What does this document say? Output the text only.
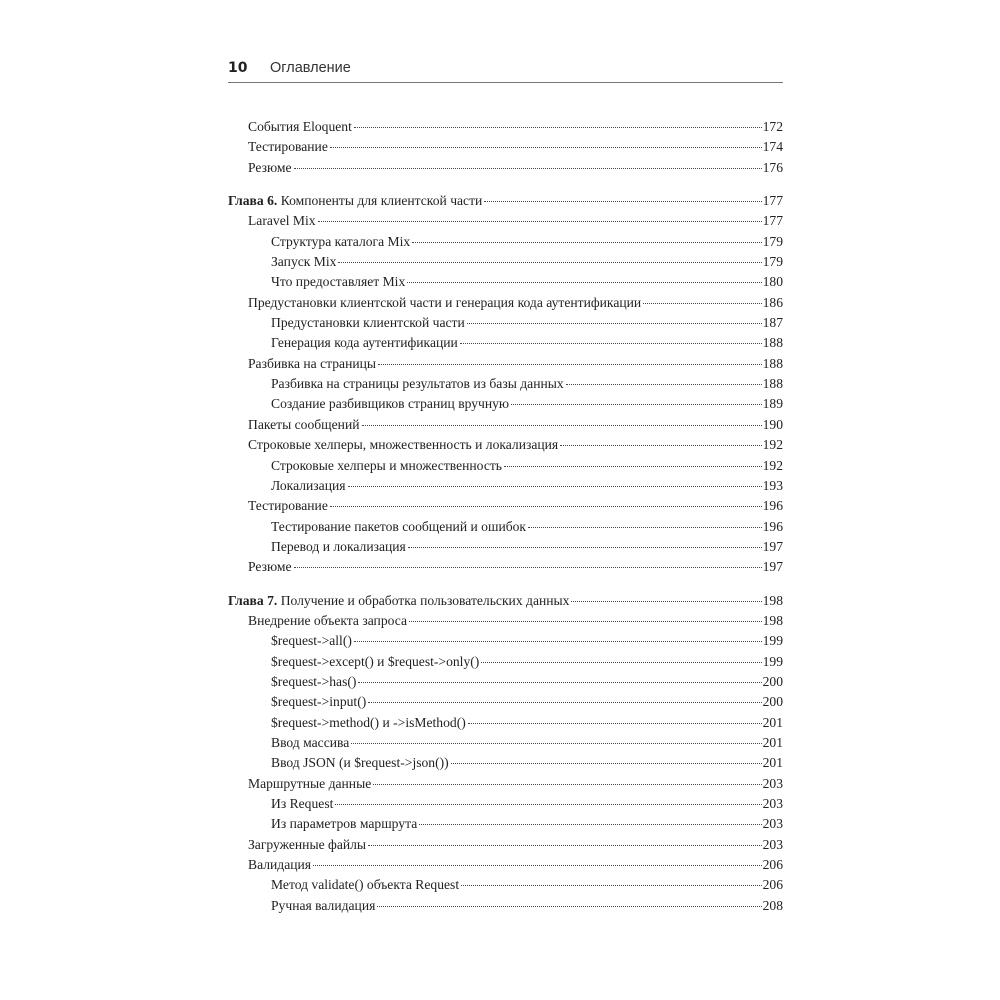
10 Оглавление
События Eloquent	172
Тестирование	174
Резюме	176
Глава 6. Компоненты для клиентской части	177
Laravel Mix	177
Структура каталога Mix	179
Запуск Mix	179
Что предоставляет Mix	180
Предустановки клиентской части и генерация кода аутентификации	186
Предустановки клиентской части	187
Генерация кода аутентификации	188
Разбивка на страницы	188
Разбивка на страницы результатов из базы данных	188
Создание разбивщиков страниц вручную	189
Пакеты сообщений	190
Строковые хелперы, множественность и локализация	192
Строковые хелперы и множественность	192
Локализация	193
Тестирование	196
Тестирование пакетов сообщений и ошибок	196
Перевод и локализация	197
Резюме	197
Глава 7. Получение и обработка пользовательских данных	198
Внедрение объекта запроса	198
$request->all()	199
$request->except() и $request->only()	199
$request->has()	200
$request->input()	200
$request->method() и ->isMethod()	201
Ввод массива	201
Ввод JSON (и $request->json())	201
Маршрутные данные	203
Из Request	203
Из параметров маршрута	203
Загруженные файлы	203
Валидация	206
Метод validate() объекта Request	206
Ручная валидация	208
